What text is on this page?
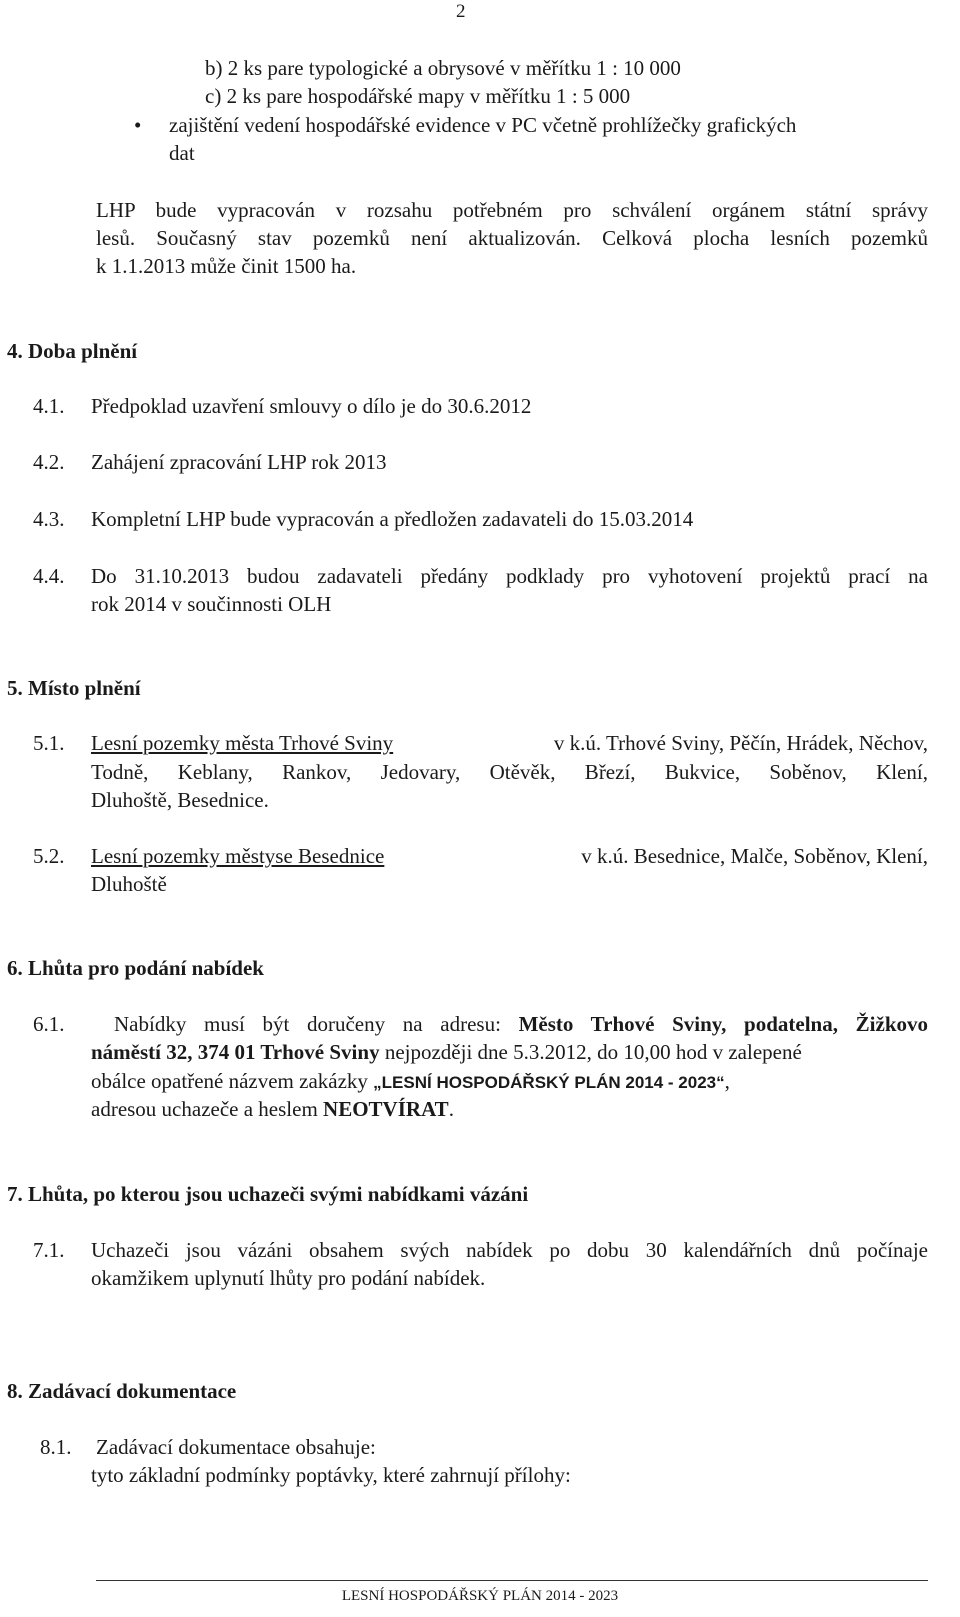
2
b) 2 ks pare typologické a obrysové v měřítku 1 : 10 000
c) 2 ks pare hospodářské mapy v měřítku 1 : 5 000
• zajištění vedení hospodářské evidence v PC včetně prohlížečky grafických
dat
LHP bude vypracován v rozsahu potřebném pro schválení orgánem státní správy
lesů. Současný stav pozemků není aktualizován. Celková plocha lesních pozemků
k 1.1.2013 může činit 1500 ha.
4. Doba plnění
4.1. Předpoklad uzavření smlouvy o dílo je do 30.6.2012
4.2. Zahájení zpracování LHP rok 2013
4.3. Kompletní LHP bude vypracován a předložen zadavateli do 15.03.2014
4.4. Do 31.10.2013 budou zadavateli předány podklady pro vyhotovení projektů prací na
rok 2014 v součinnosti OLH
5. Místo plnění
5.1. Lesní pozemky města Trhové Sviny	v k.ú. Trhové Sviny, Pěčín, Hrádek, Něchov,
Todně, Keblany, Rankov, Jedovary, Otěvěk, Březí, Bukvice, Soběnov, Klení,
Dluhoště, Besednice.
5.2. Lesní pozemky městyse Besednice	v k.ú. Besednice, Malče, Soběnov, Klení,
Dluhoště
6. Lhůta pro podání nabídek
6.1. Nabídky musí být doručeny na adresu: Město Trhové Sviny, podatelna, Žižkovo
náměstí 32, 374 01 Trhové Sviny nejpozději dne 5.3.2012, do 10,00 hod v zalepené
obálce opatřené názvem zakázky „LESNÍ HOSPODÁŘSKÝ PLÁN 2014 - 2023“,
adresou uchazeče a heslem NEOTVÍRAT.
7. Lhůta, po kterou jsou uchazeči svými nabídkami vázáni
7.1. Uchazeči jsou vázáni obsahem svých nabídek po dobu 30 kalendářních dnů počínaje
okamžikem uplynutí lhůty pro podání nabídek.
8. Zadávací dokumentace
8.1. Zadávací dokumentace obsahuje:
tyto základní podmínky poptávky, které zahrnují přílohy:
LESNÍ HOSPODÁŘSKÝ PLÁN 2014 - 2023
